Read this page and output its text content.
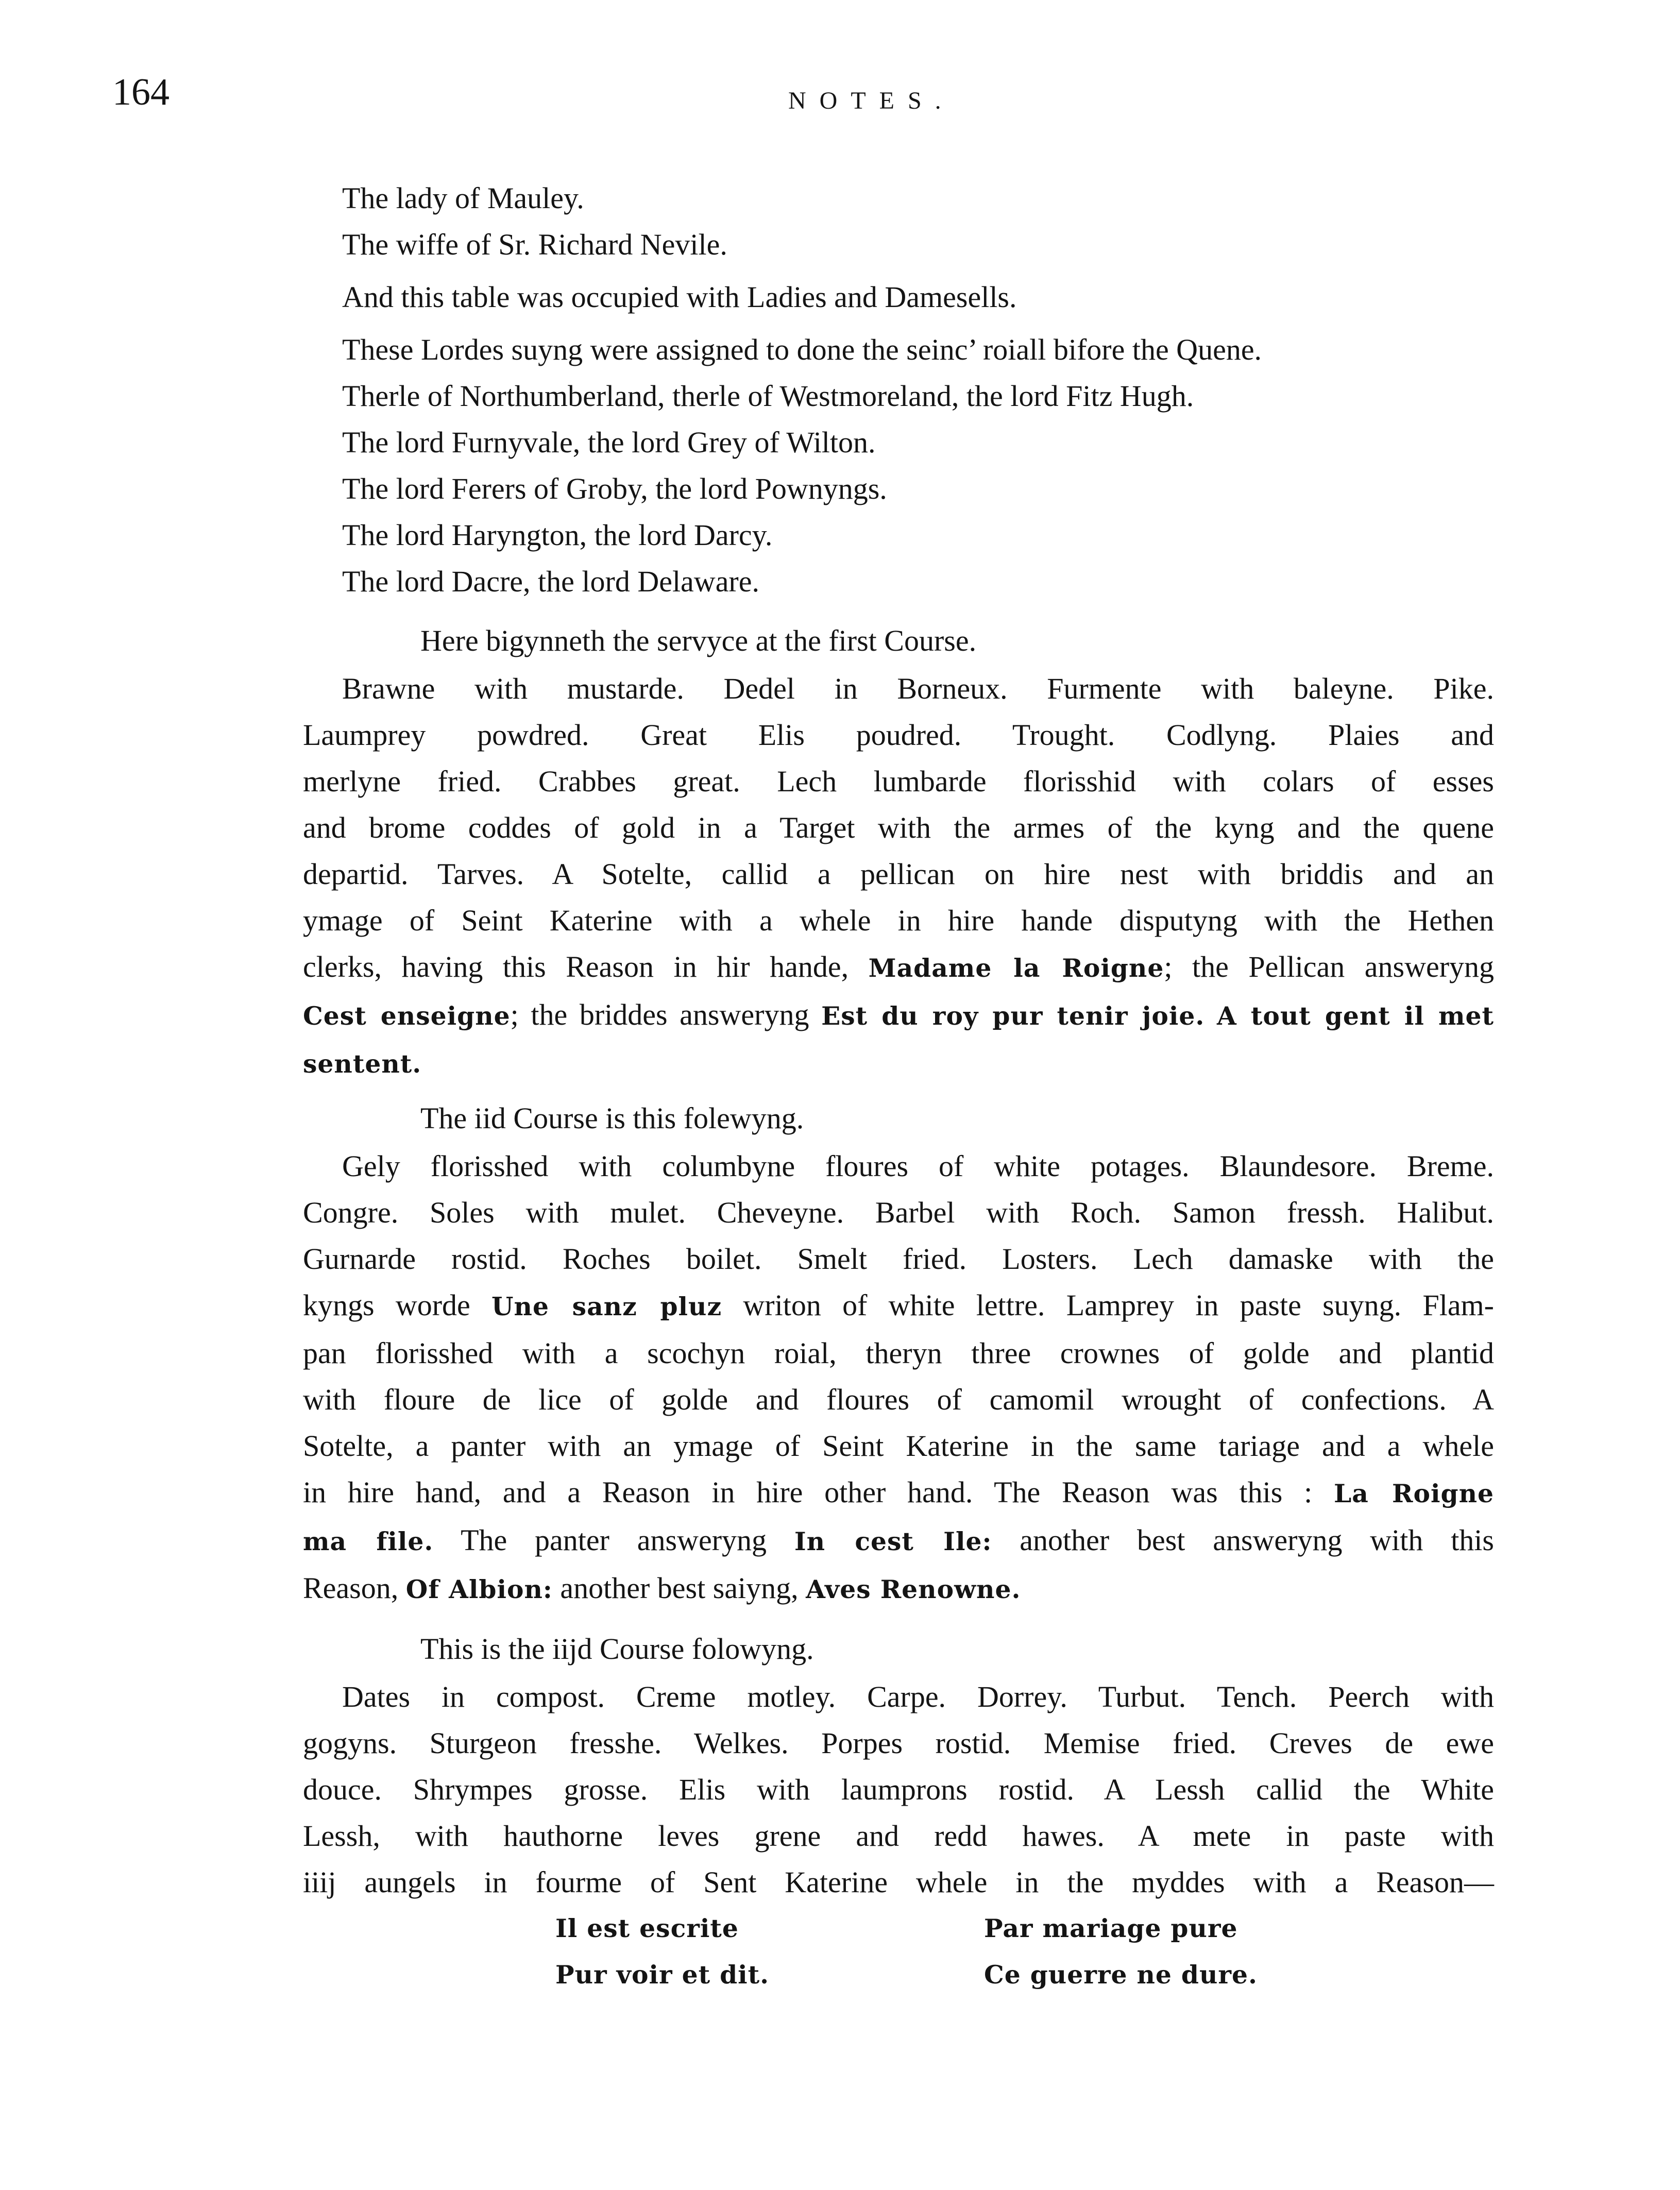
164	NOTES.
The lady of Mauley.
The wiffe of Sr. Richard Nevile.
And this table was occupied with Ladies and Damesells.
These Lordes suyng were assigned to done the seinc’ roiall bifore the Quene.
Therle of Northumberland, therle of Westmoreland, the lord Fitz Hugh.
The lord Furnyvale, the lord Grey of Wilton.
The lord Ferers of Groby, the lord Pownyngs.
The lord Haryngton, the lord Darcy.
The lord Dacre, the lord Delaware.
Here bigynneth the servyce at the first Course.

Brawne with mustarde. Dedel in Borneux. Furmente with baleyne. Pike.

Laumprey powdred. Great Elis poudred. Trought. Codlyng. Plaies and

merlyne fried. Crabbes great. Lech lumbarde florisshid with colars of esses

and brome coddes of gold in a Target with the armes of the kyng and the quene

departid. Tarves. A Sotelte, callid a pellican on hire nest with briddis and an

ymage of Seint Katerine with a whele in hire hande disputyng with the Hethen

clerks, having this Reason in hir hande, Madame la Roigne; the Pellican answeryng

Cest enseigne; the briddes answeryng Est du roy pur tenir joie. A tout gent il met

sentent.

The iid Course is this folewyng.

Gely florisshed with columbyne floures of white potages. Blaundesore. Breme.

Congre. Soles with mulet. Cheveyne. Barbel with Roch. Samon fressh. Halibut.

Gurnarde rostid. Roches boilet. Smelt fried. Losters. Lech damaske with the

kyngs worde Une sanz pluz writon of white lettre. Lamprey in paste suyng. Flam-

pan florisshed with a scochyn roial, theryn three crownes of golde and plantid

with floure de lice of golde and floures of camomil wrought of confections. A

Sotelte, a panter with an ymage of Seint Katerine in the same tariage and a whele

in hire hand, and a Reason in hire other hand. The Reason was this : La Roigne

ma file. The panter answeryng In cest Ile: another best answeryng with this

Reason, Of Albion: another best saiyng, Aves Renowne.

This is the iijd Course folowyng.

Dates in compost. Creme motley. Carpe. Dorrey. Turbut. Tench. Peerch with

gogyns. Sturgeon fresshe. Welkes. Porpes rostid. Memise fried. Creves de ewe

douce. Shrympes grosse. Elis with laumprons rostid. A Lessh callid the White

Lessh, with hauthorne leves grene and redd hawes. A mete in paste with

iiij aungels in fourme of Sent Katerine whele in the myddes with a Reason—

Il est escrite
Pur voir et dit.
Par mariage pure
Ce guerre ne dure.
